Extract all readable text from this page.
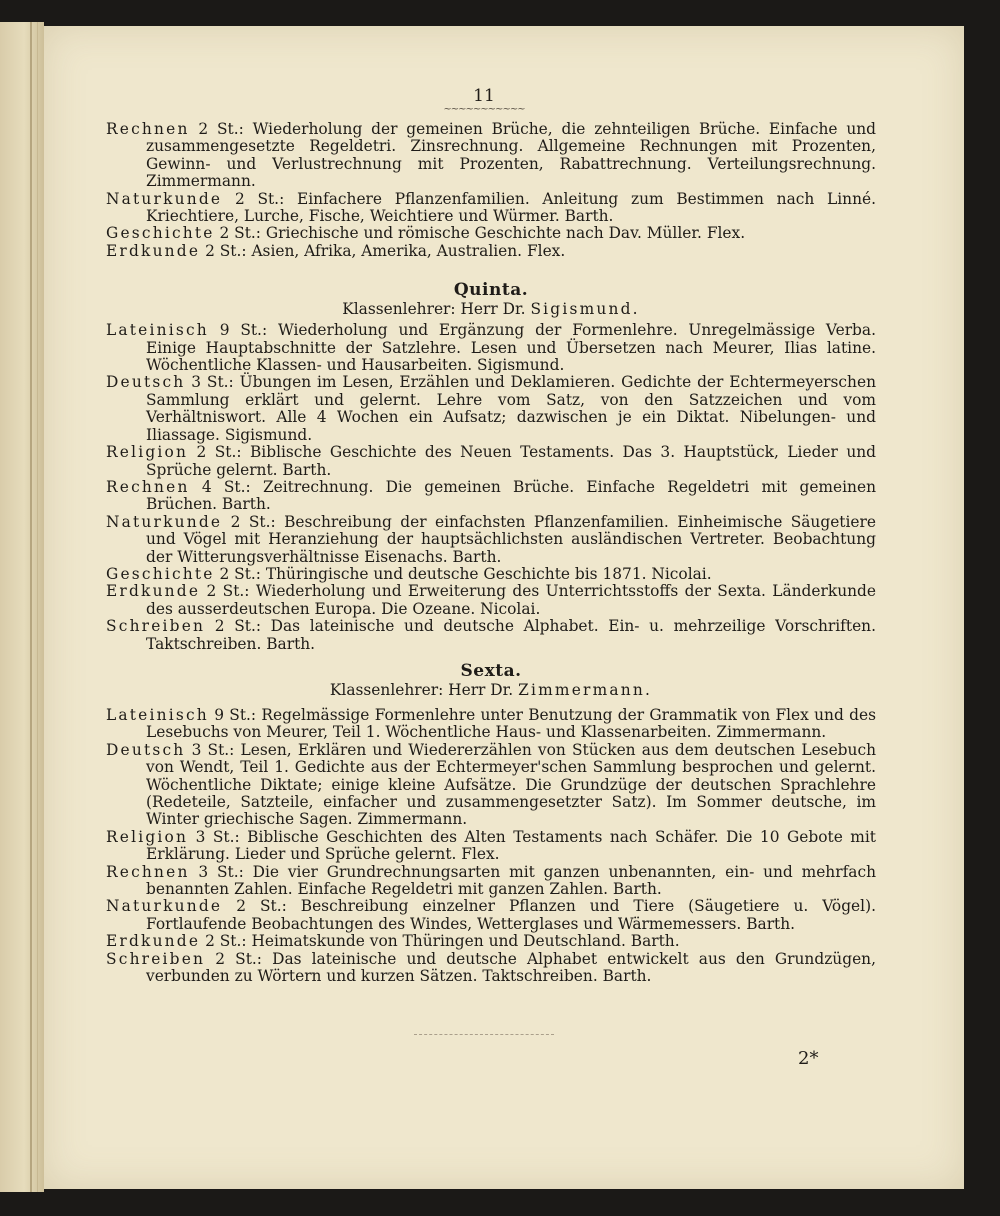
11
~~~~~~~~~~~

Rechnen 2 St.: Wiederholung der gemeinen Brüche, die zehnteiligen Brüche. Einfache und zusammengesetzte Regeldetri. Zinsrechnung. Allgemeine Rechnungen mit Prozenten, Gewinn- und Verlustrechnung mit Prozenten, Rabattrechnung. Verteilungsrechnung. Zimmermann.

Naturkunde 2 St.: Einfachere Pflanzenfamilien. Anleitung zum Bestimmen nach Linné. Kriechtiere, Lurche, Fische, Weichtiere und Würmer. Barth.

Geschichte 2 St.: Griechische und römische Geschichte nach Dav. Müller. Flex.

Erdkunde 2 St.: Asien, Afrika, Amerika, Australien. Flex.

Quinta.

Klassenlehrer: Herr Dr. Sigismund.

Lateinisch 9 St.: Wiederholung und Ergänzung der Formenlehre. Unregelmässige Verba. Einige Hauptabschnitte der Satzlehre. Lesen und Übersetzen nach Meurer, Ilias latine. Wöchentliche Klassen- und Hausarbeiten. Sigismund.

Deutsch 3 St.: Übungen im Lesen, Erzählen und Deklamieren. Gedichte der Echtermeyerschen Sammlung erklärt und gelernt. Lehre vom Satz, von den Satzzeichen und vom Verhältniswort. Alle 4 Wochen ein Aufsatz; dazwischen je ein Diktat. Nibelungen- und Iliassage. Sigismund.

Religion 2 St.: Biblische Geschichte des Neuen Testaments. Das 3. Hauptstück, Lieder und Sprüche gelernt. Barth.

Rechnen 4 St.: Zeitrechnung. Die gemeinen Brüche. Einfache Regeldetri mit gemeinen Brüchen. Barth.

Naturkunde 2 St.: Beschreibung der einfachsten Pflanzenfamilien. Einheimische Säugetiere und Vögel mit Heranziehung der hauptsächlichsten ausländischen Vertreter. Beobachtung der Witterungsverhältnisse Eisenachs. Barth.

Geschichte 2 St.: Thüringische und deutsche Geschichte bis 1871. Nicolai.

Erdkunde 2 St.: Wiederholung und Erweiterung des Unterrichtsstoffs der Sexta. Länderkunde des ausserdeutschen Europa. Die Ozeane. Nicolai.

Schreiben 2 St.: Das lateinische und deutsche Alphabet. Ein- u. mehrzeilige Vorschriften. Taktschreiben. Barth.

Sexta.

Klassenlehrer: Herr Dr. Zimmermann.

Lateinisch 9 St.: Regelmässige Formenlehre unter Benutzung der Grammatik von Flex und des Lesebuchs von Meurer, Teil 1. Wöchentliche Haus- und Klassenarbeiten. Zimmermann.

Deutsch 3 St.: Lesen, Erklären und Wiedererzählen von Stücken aus dem deutschen Lesebuch von Wendt, Teil 1. Gedichte aus der Echtermeyer'schen Sammlung besprochen und gelernt. Wöchentliche Diktate; einige kleine Aufsätze. Die Grundzüge der deutschen Sprachlehre (Redeteile, Satzteile, einfacher und zusammengesetzter Satz). Im Sommer deutsche, im Winter griechische Sagen. Zimmermann.

Religion 3 St.: Biblische Geschichten des Alten Testaments nach Schäfer. Die 10 Gebote mit Erklärung. Lieder und Sprüche gelernt. Flex.

Rechnen 3 St.: Die vier Grundrechnungsarten mit ganzen unbenannten, ein- und mehrfach benannten Zahlen. Einfache Regeldetri mit ganzen Zahlen. Barth.

Naturkunde 2 St.: Beschreibung einzelner Pflanzen und Tiere (Säugetiere u. Vögel). Fortlaufende Beobachtungen des Windes, Wetterglases und Wärmemessers. Barth.

Erdkunde 2 St.: Heimatskunde von Thüringen und Deutschland. Barth.

Schreiben 2 St.: Das lateinische und deutsche Alphabet entwickelt aus den Grundzügen, verbunden zu Wörtern und kurzen Sätzen. Taktschreiben. Barth.

2*
